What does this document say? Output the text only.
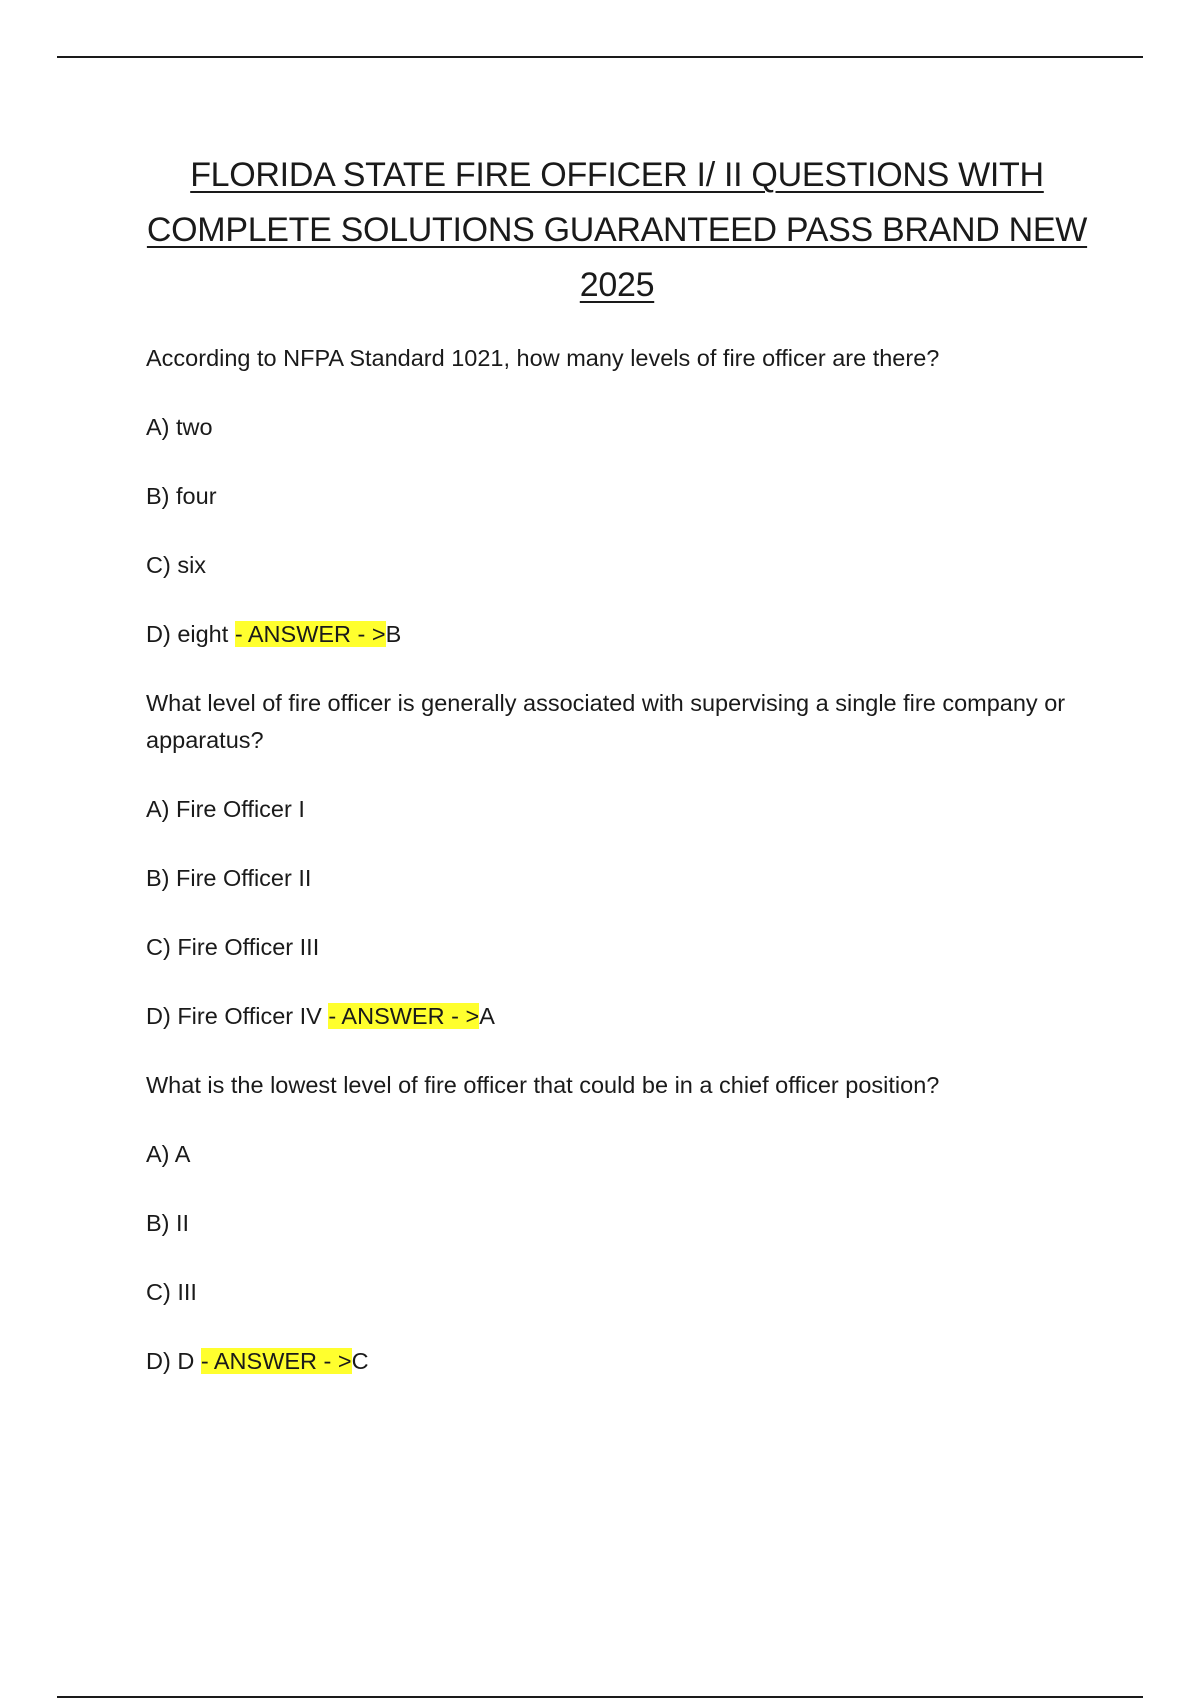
FLORIDA STATE FIRE OFFICER I/ II QUESTIONS WITH
COMPLETE SOLUTIONS GUARANTEED PASS BRAND NEW
2025

According to NFPA Standard 1021, how many levels of fire officer are there?

A) two

B) four

C) six

D) eight - ANSWER - >B

What level of fire officer is generally associated with supervising a single fire company or apparatus?

A) Fire Officer I

B) Fire Officer II

C) Fire Officer III

D) Fire Officer IV - ANSWER - >A

What is the lowest level of fire officer that could be in a chief officer position?

A) A

B) II

C) III

D) D - ANSWER - >C
